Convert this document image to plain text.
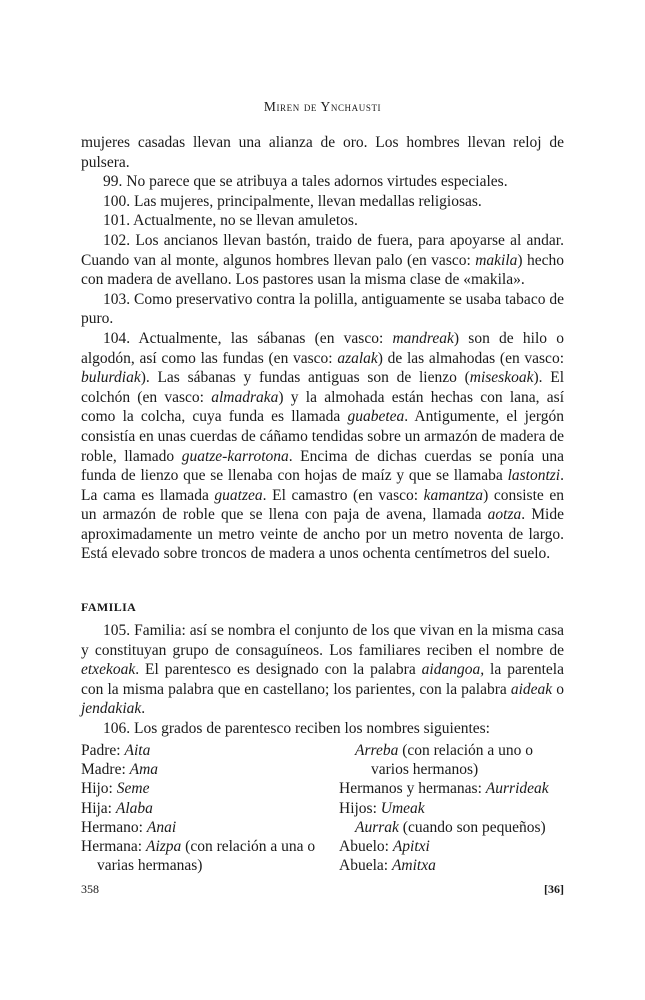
Miren de Ynchausti

mujeres casadas llevan una alianza de oro. Los hombres llevan reloj de pulsera.

99. No parece que se atribuya a tales adornos virtudes especiales.

100. Las mujeres, principalmente, llevan medallas religiosas.

101. Actualmente, no se llevan amuletos.

102. Los ancianos llevan bastón, traido de fuera, para apoyarse al andar. Cuando van al monte, algunos hombres llevan palo (en vasco: makila) hecho con madera de avellano. Los pastores usan la misma clase de «makila».

103. Como preservativo contra la polilla, antiguamente se usaba tabaco de puro.

104. Actualmente, las sábanas (en vasco: mandreak) son de hilo o algodón, así como las fundas (en vasco: azalak) de las almahodas (en vasco: bulurdiak). Las sábanas y fundas antiguas son de lienzo (miseskoak). El colchón (en vasco: almadraka) y la almohada están hechas con lana, así como la colcha, cuya funda es llamada guabetea. Antigumente, el jergón consistía en unas cuerdas de cáñamo tendidas sobre un armazón de madera de roble, llamado guatze-karrotona. Encima de dichas cuerdas se ponía una funda de lienzo que se llenaba con hojas de maíz y que se llamaba lastontzi. La cama es llamada guatzea. El camastro (en vasco: kamantza) consiste en un armazón de roble que se llena con paja de avena, llamada aotza. Mide aproximadamente un metro veinte de ancho por un metro noventa de largo. Está elevado sobre troncos de madera a unos ochenta centímetros del suelo.

FAMILIA

105. Familia: así se nombra el conjunto de los que vivan en la misma casa y constituyan grupo de consaguíneos. Los familiares reciben el nombre de etxekoak. El parentesco es designado con la palabra aidangoa, la parentela con la misma palabra que en castellano; los parientes, con la palabra aideak o jendakiak.

106. Los grados de parentesco reciben los nombres siguientes:

Padre: Aita
Madre: Ama
Hijo: Seme
Hija: Alaba
Hermano: Anai
Hermana: Aizpa (con relación a una o varias hermanas)
Arreba (con relación a uno o varios hermanos)
Hermanos y hermanas: Aurrideak
Hijos: Umeak
Aurrak (cuando son pequeños)
Abuelo: Apitxi
Abuela: Amitxa
358	[36]
